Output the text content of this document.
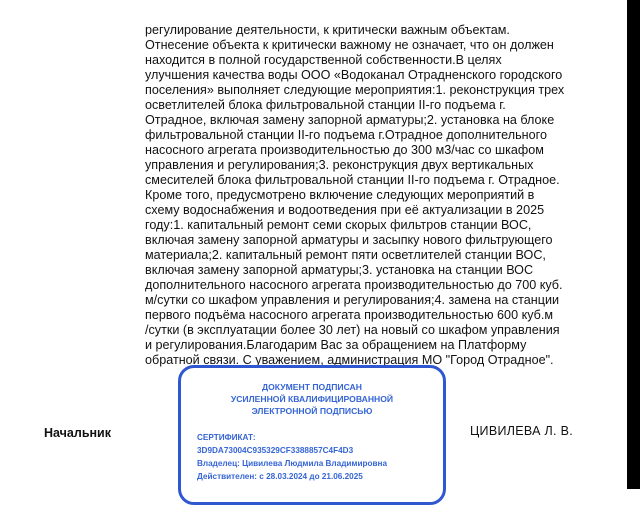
регулирование деятельности, к критически важным объектам.
Отнесение объекта к критически важному не означает, что он должен
находится в полной государственной собственности.В целях
улучшения качества воды ООО «Водоканал Отрадненского городского
поселения» выполняет следующие мероприятия:1. реконструкция трех
осветлителей блока фильтровальной станции II-го подъема г.
Отрадное, включая замену запорной арматуры;2. установка на блоке
фильтровальной станции II-го подъема г.Отрадное дополнительного
насосного агрегата производительностью до 300 м3/час со шкафом
управления и регулирования;3. реконструкция двух вертикальных
смесителей блока фильтровальной станции II-го подъема г. Отрадное.
Кроме того, предусмотрено включение следующих мероприятий в
схему водоснабжения и водоотведения при её актуализации в 2025
году:1. капитальный ремонт семи скорых фильтров станции ВОС,
включая замену запорной арматуры и засыпку нового фильтрующего
материала;2. капитальный ремонт пяти осветлителей станции ВОС,
включая замену запорной арматуры;3. установка на станции ВОС
дополнительного насосного агрегата производительностью до 700 куб.
м/сутки со шкафом управления и регулирования;4. замена на станции
первого подъёма насосного агрегата производительностью 600 куб.м
/сутки (в эксплуатации более 30 лет) на новый со шкафом управления
и регулирования.Благодарим Вас за обращением на Платформу
обратной связи. С уважением, администрация МО "Город Отрадное".
Начальник
ДОКУМЕНТ ПОДПИСАН
УСИЛЕННОЙ КВАЛИФИЦИРОВАННОЙ
ЭЛЕКТРОННОЙ ПОДПИСЬЮ
СЕРТИФИКАТ:
3D9DA73004C935329CF3388857C4F4D3
Владелец: Цивилева Людмила Владимировна
Действителен: с 28.03.2024 до 21.06.2025
ЦИВИЛЕВА Л. В.
